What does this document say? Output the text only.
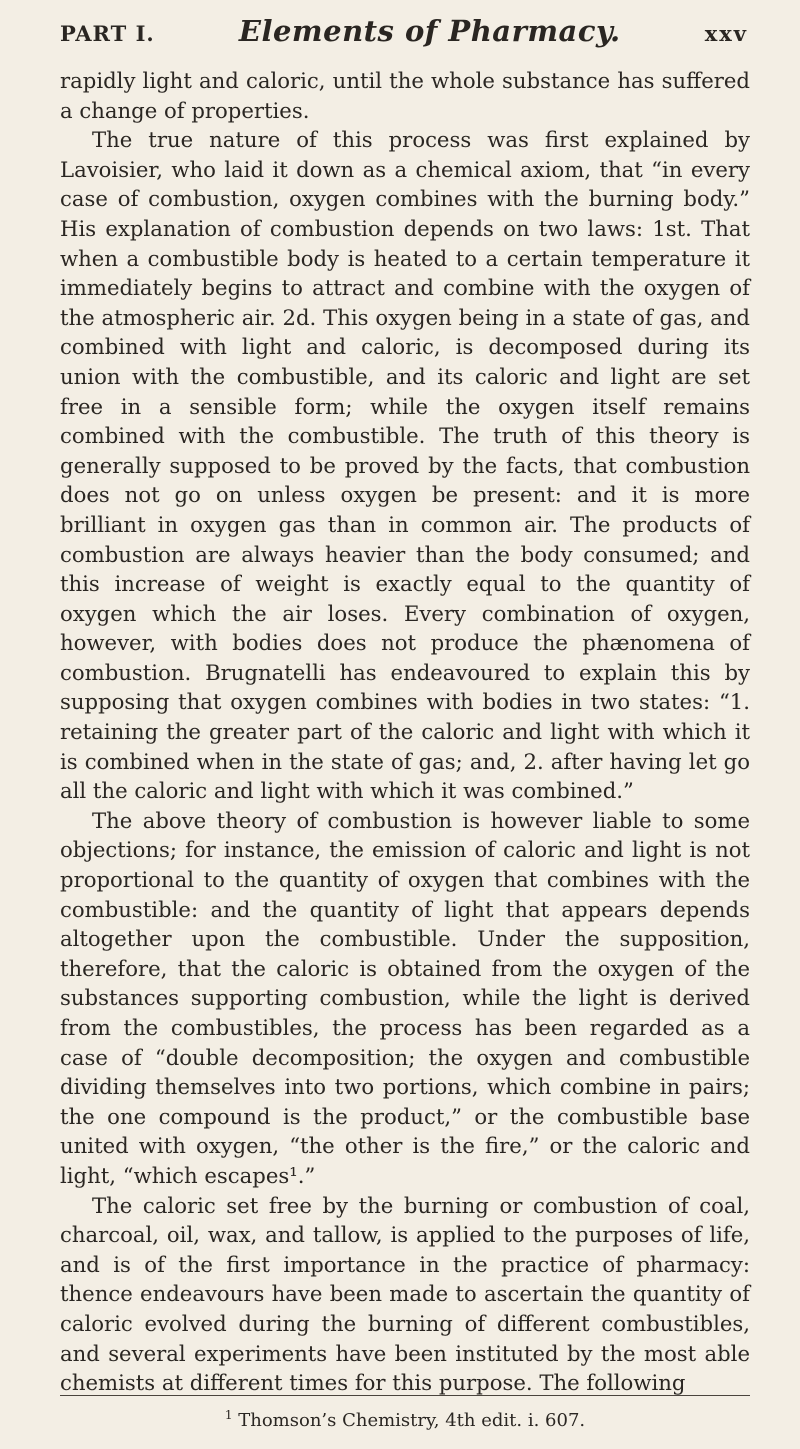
PART I.	Elements of Pharmacy.	xxv

rapidly light and caloric, until the whole substance has suffered a change of properties.

The true nature of this process was first explained by Lavoisier, who laid it down as a chemical axiom, that “in every case of combustion, oxygen combines with the burning body.” His explanation of combustion depends on two laws: 1st. That when a combustible body is heated to a certain temperature it immediately begins to attract and combine with the oxygen of the atmospheric air. 2d. This oxygen being in a state of gas, and combined with light and caloric, is decomposed during its union with the combustible, and its caloric and light are set free in a sensible form; while the oxygen itself remains combined with the combustible. The truth of this theory is generally supposed to be proved by the facts, that combustion does not go on unless oxygen be present: and it is more brilliant in oxygen gas than in common air. The products of combustion are always heavier than the body consumed; and this increase of weight is exactly equal to the quantity of oxygen which the air loses. Every combination of oxygen, however, with bodies does not produce the phænomena of combustion. Brugnatelli has endeavoured to explain this by supposing that oxygen combines with bodies in two states: “1. retaining the greater part of the caloric and light with which it is combined when in the state of gas; and, 2. after having let go all the caloric and light with which it was combined.”

The above theory of combustion is however liable to some objections; for instance, the emission of caloric and light is not proportional to the quantity of oxygen that combines with the combustible: and the quantity of light that appears depends altogether upon the combustible. Under the supposition, therefore, that the caloric is obtained from the oxygen of the substances supporting combustion, while the light is derived from the combustibles, the process has been regarded as a case of “double decomposition; the oxygen and combustible dividing themselves into two portions, which combine in pairs; the one compound is the product,” or the combustible base united with oxygen, “the other is the fire,” or the caloric and light, “which escapes¹.”

The caloric set free by the burning or combustion of coal, charcoal, oil, wax, and tallow, is applied to the purposes of life, and is of the first importance in the practice of pharmacy: thence endeavours have been made to ascertain the quantity of caloric evolved during the burning of different combustibles, and several experiments have been instituted by the most able chemists at different times for this purpose. The following

$^1$ Thomson’s Chemistry, 4th edit. i. 607.
